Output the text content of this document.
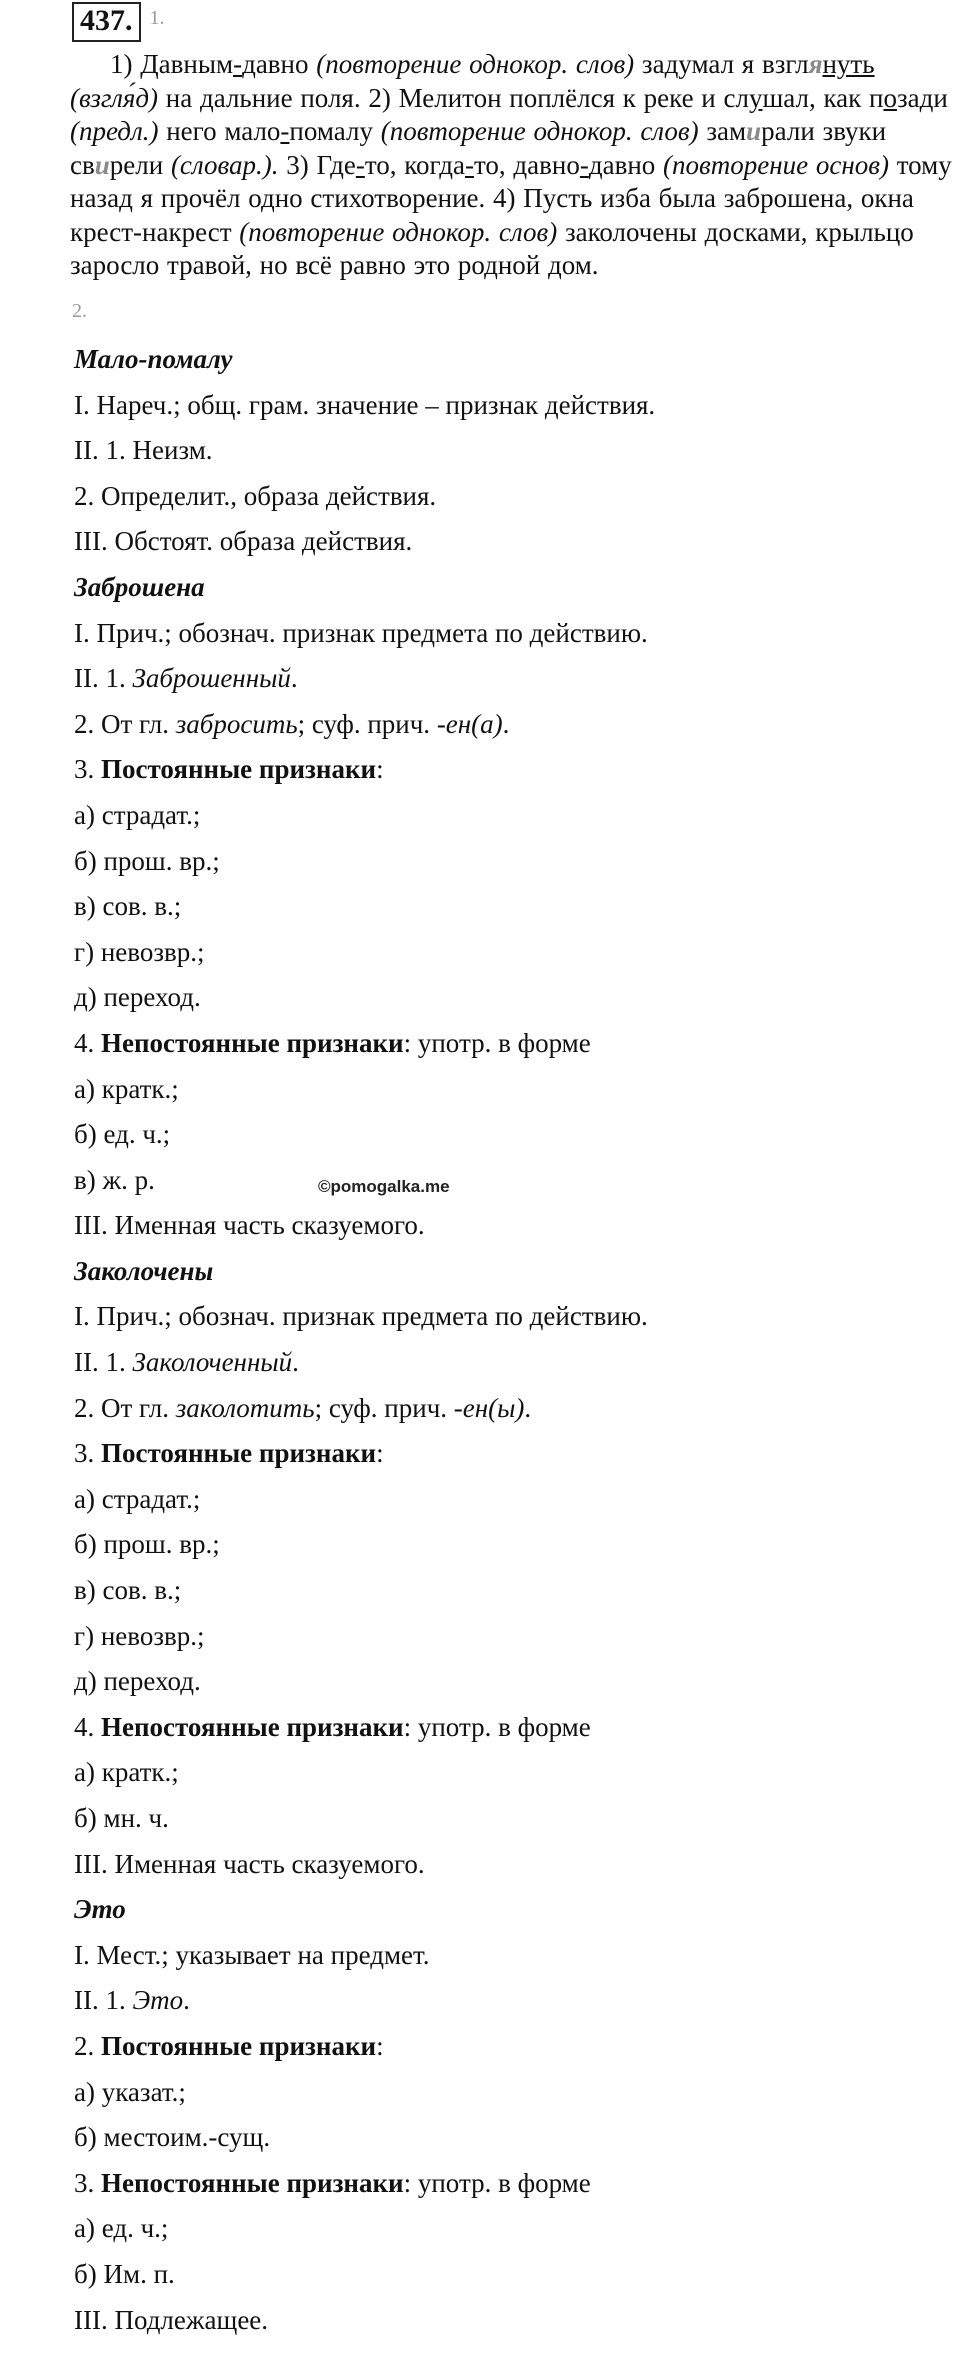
437. 1.
1) Давным-давно (повторение однокор. слов) задумал я взглянуть (взгля́д) на дальние поля. 2) Мелитон поплёлся к реке и слушал, как позади (предл.) него мало-помалу (повторение однокор. слов) замирали звуки свирели (словар.). 3) Где-то, когда-то, давно-давно (повторение основ) тому назад я прочёл одно стихотворение. 4) Пусть изба была заброшена, окна крест-накрест (повторение однокор. слов) заколочены досками, крыльцо заросло травой, но всё равно это родной дом.
2.
Мало-помалу
I. Нареч.; общ. грам. значение – признак действия.
II. 1. Неизм.
2. Определит., образа действия.
III. Обстоят. образа действия.
Заброшена
I. Прич.; обознач. признак предмета по действию.
II. 1. Заброшенный.
2. От гл. забросить; суф. прич. -ен(а).
3. Постоянные признаки:
а) страдат.;
б) прош. вр.;
в) сов. в.;
г) невозвр.;
д) переход.
4. Непостоянные признаки: употр. в форме
а) кратк.;
б) ед. ч.;
в) ж. р.
III. Именная часть сказуемого.
Заколочены
I. Прич.; обознач. признак предмета по действию.
II. 1. Заколоченный.
2. От гл. заколотить; суф. прич. -ен(ы).
3. Постоянные признаки:
а) страдат.;
б) прош. вр.;
в) сов. в.;
г) невозвр.;
д) переход.
4. Непостоянные признаки: употр. в форме
а) кратк.;
б) мн. ч.
III. Именная часть сказуемого.
Это
I. Мест.; указывает на предмет.
II. 1. Это.
2. Постоянные признаки:
а) указат.;
б) местоим.-сущ.
3. Непостоянные признаки: употр. в форме
а) ед. ч.;
б) Им. п.
III. Подлежащее.
©pomogalka.me
